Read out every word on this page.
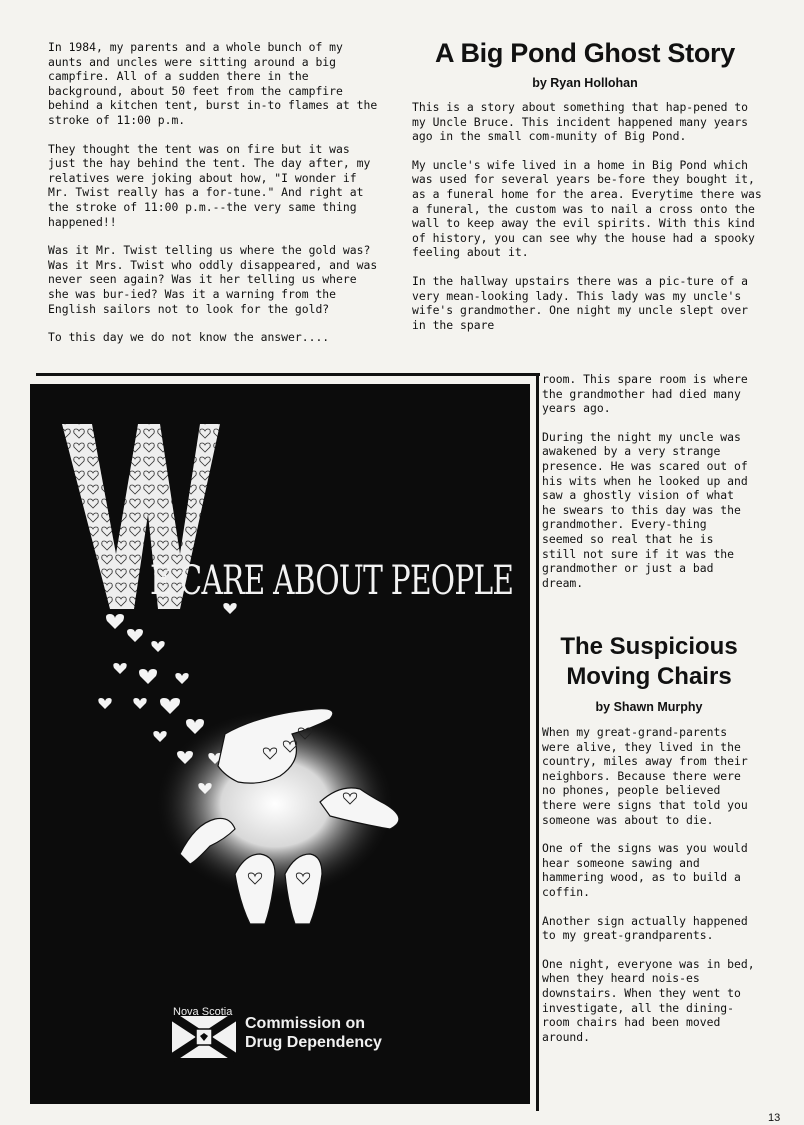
In 1984, my parents and a whole bunch of my aunts and uncles were sitting around a big campfire. All of a sudden there in the background, about 50 feet from the campfire behind a kitchen tent, burst in-to flames at the stroke of 11:00 p.m.

They thought the tent was on fire but it was just the hay behind the tent. The day after, my relatives were joking about how, "I wonder if Mr. Twist really has a for-tune." And right at the stroke of 11:00 p.m.--the very same thing happened!!

Was it Mr. Twist telling us where the gold was? Was it Mrs. Twist who oddly disappeared, and was never seen again? Was it her telling us where she was bur-ied? Was it a warning from the English sailors not to look for the gold?

To this day we do not know the answer....

A Big Pond Ghost Story
by Ryan Hollohan

This is a story about something that hap-pened to my Uncle Bruce. This incident happened many years ago in the small com-munity of Big Pond.

My uncle's wife lived in a home in Big Pond which was used for several years be-fore they bought it, as a funeral home for the area. Everytime there was a funeral, the custom was to nail a cross onto the wall to keep away the evil spirits. With this kind of history, you can see why the house had a spooky feeling about it.

In the hallway upstairs there was a pic-ture of a very mean-looking lady. This lady was my uncle's wife's grandmother. One night my uncle slept over in the spare

E CARE ABOUT PEOPLE
Nova Scotia
Commission on
Drug Dependency

room. This spare room is where the grandmother had died many years ago.

During the night my uncle was awakened by a very strange presence. He was scared out of his wits when he looked up and saw a ghostly vision of what he swears to this day was the grandmother. Every-thing seemed so real that he is still not sure if it was the grandmother or just a bad dream.

The Suspicious
Moving Chairs
by Shawn Murphy

When my great-grand-parents were alive, they lived in the country, miles away from their neighbors. Because there were no phones, people believed there were signs that told you someone was about to die.

One of the signs was you would hear someone sawing and hammering wood, as to build a coffin.

Another sign actually happened to my great-grandparents.

One night, everyone was in bed, when they heard nois-es downstairs. When they went to investigate, all the dining-room chairs had been moved around.

13
